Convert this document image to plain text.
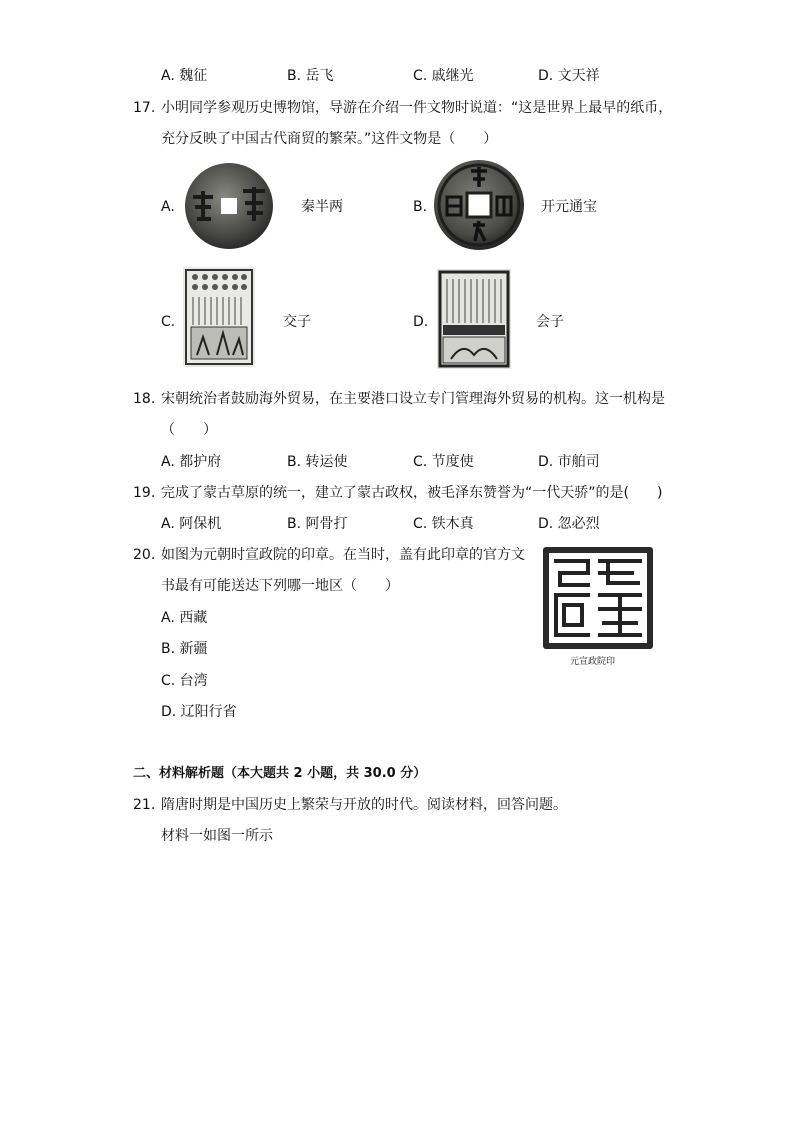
A. 魏征	B. 岳飞	C. 戚继光	D. 文天祥
17. 小明同学参观历史博物馆，导游在介绍一件文物时说道：“这是世界上最早的纸币，
充分反映了中国古代商贸的繁荣。”这件文物是（　　）
A.	秦半两	B.	开元通宝
C.	交子	D.	会子
18. 宋朝统治者鼓励海外贸易，在主要港口设立专门管理海外贸易的机构。这一机构是
（　　）
A. 都护府	B. 转运使	C. 节度使	D. 市舶司
19. 完成了蒙古草原的统一，建立了蒙古政权，被毛泽东赞誉为“一代天骄”的是(　　)
A. 阿保机	B. 阿骨打	C. 铁木真	D. 忽必烈
20. 如图为元朝时宣政院的印章。在当时，盖有此印章的官方文
书最有可能送达下列哪一地区（　　）
A. 西藏
B. 新疆
C. 台湾
D. 辽阳行省
元宣政院印
二、材料解析题（本大题共 2 小题，共 30.0 分）
21. 隋唐时期是中国历史上繁荣与开放的时代。阅读材料，回答问题。
材料一如图一所示
